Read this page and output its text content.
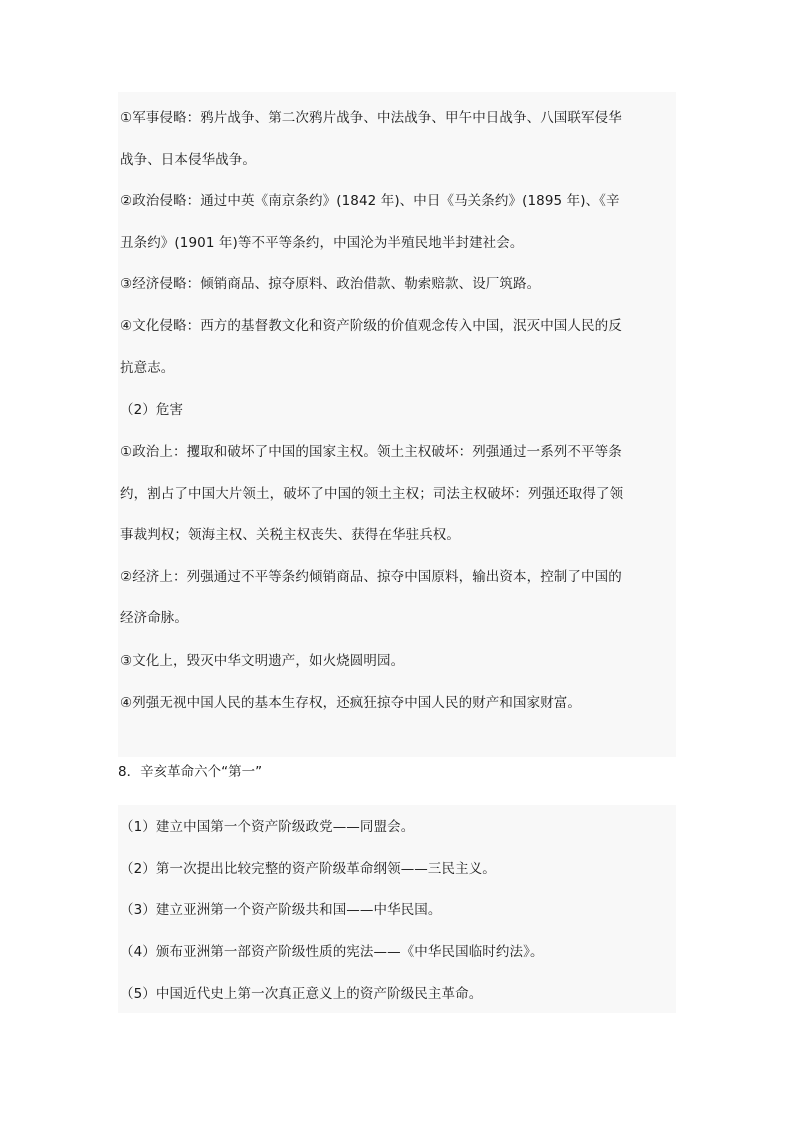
①军事侵略：鸦片战争、第二次鸦片战争、中法战争、甲午中日战争、八国联军侵华
战争、日本侵华战争。
②政治侵略：通过中英《南京条约》(1842 年)、中日《马关条约》(1895 年)、《辛
丑条约》(1901 年)等不平等条约，中国沦为半殖民地半封建社会。
③经济侵略：倾销商品、掠夺原料、政治借款、勒索赔款、设厂筑路。
④文化侵略：西方的基督教文化和资产阶级的价值观念传入中国，泯灭中国人民的反
抗意志。
（2）危害
①政治上：攫取和破坏了中国的国家主权。领土主权破坏：列强通过一系列不平等条
约，割占了中国大片领土，破坏了中国的领土主权；司法主权破坏：列强还取得了领
事裁判权；领海主权、关税主权丧失、获得在华驻兵权。
②经济上：列强通过不平等条约倾销商品、掠夺中国原料，输出资本，控制了中国的
经济命脉。
③文化上，毁灭中华文明遗产，如火烧圆明园。
④列强无视中国人民的基本生存权，还疯狂掠夺中国人民的财产和国家财富。
8．辛亥革命六个“第一”
（1）建立中国第一个资产阶级政党——同盟会。
（2）第一次提出比较完整的资产阶级革命纲领——三民主义。
（3）建立亚洲第一个资产阶级共和国——中华民国。
（4）颁布亚洲第一部资产阶级性质的宪法——《中华民国临时约法》。
（5）中国近代史上第一次真正意义上的资产阶级民主革命。
